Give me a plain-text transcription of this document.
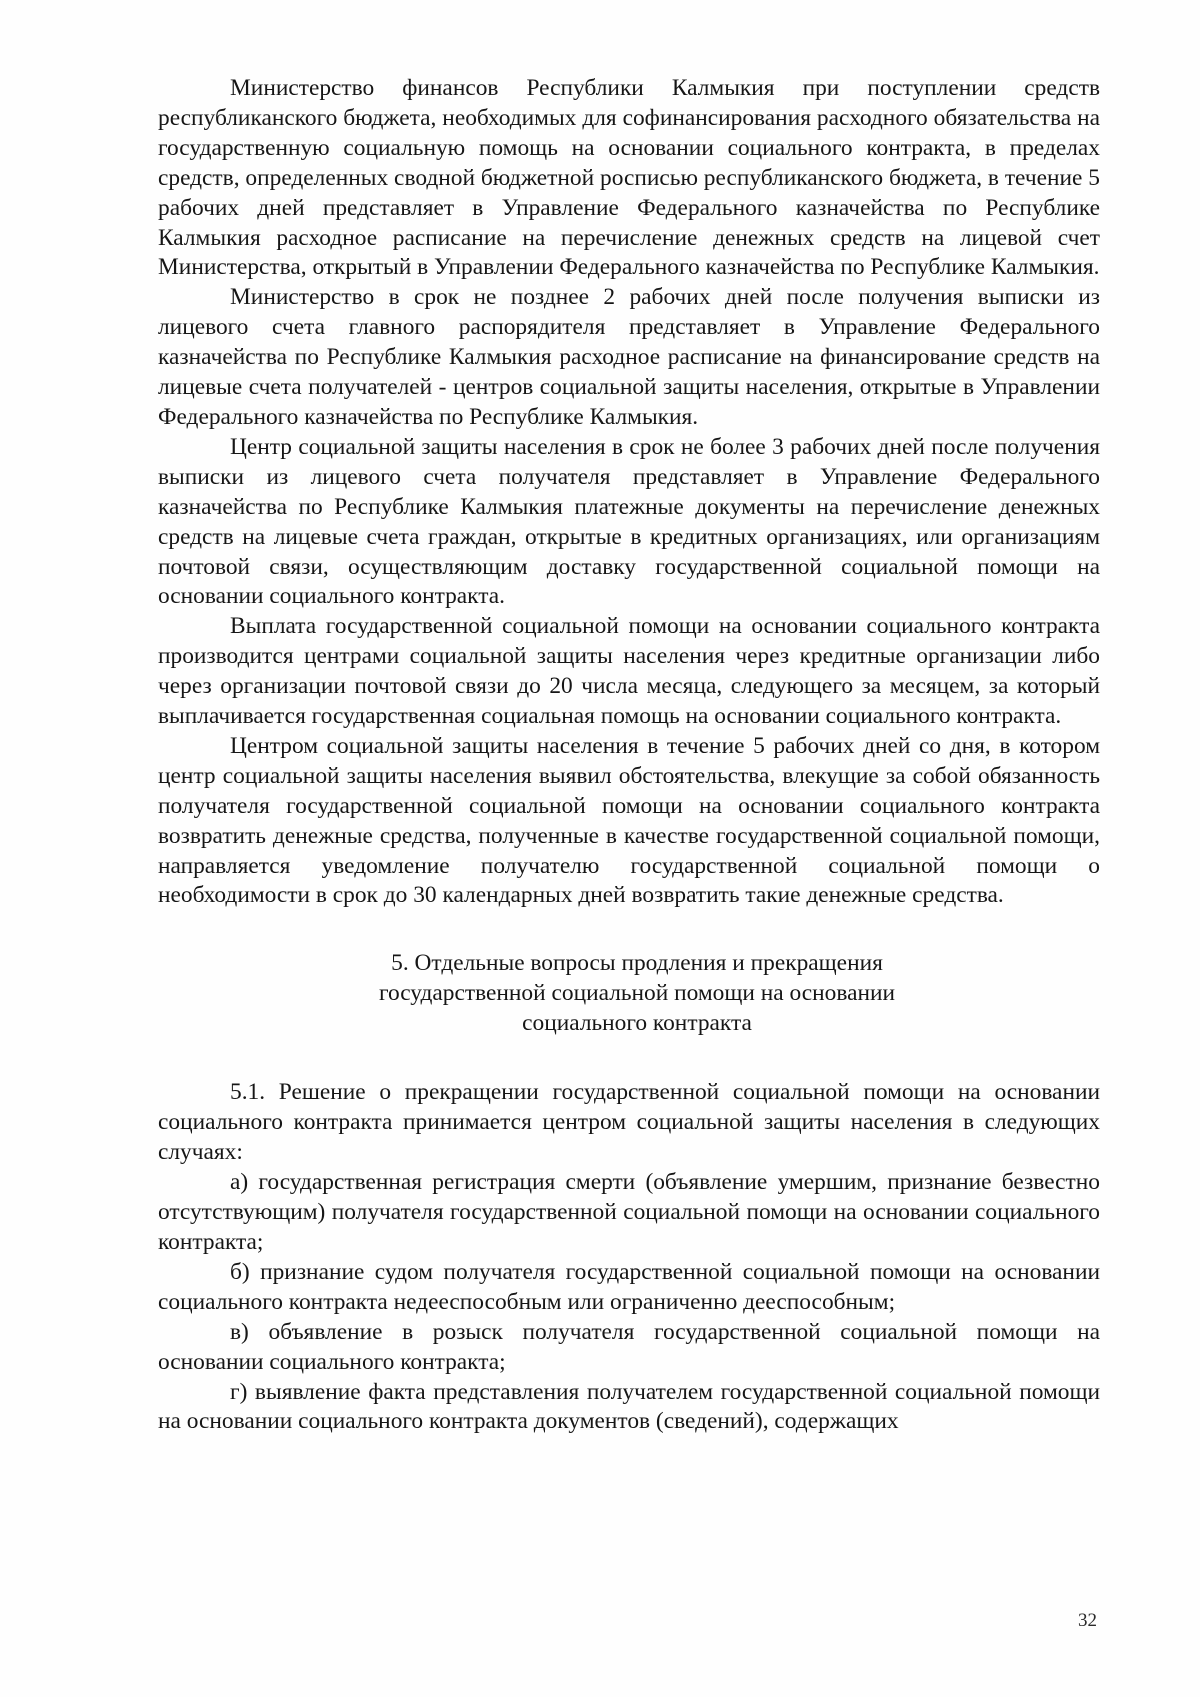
Министерство финансов Республики Калмыкия при поступлении средств республиканского бюджета, необходимых для софинансирования расходного обязательства на государственную социальную помощь на основании социального контракта, в пределах средств, определенных сводной бюджетной росписью республиканского бюджета, в течение 5 рабочих дней представляет в Управление Федерального казначейства по Республике Калмыкия расходное расписание на перечисление денежных средств на лицевой счет Министерства, открытый в Управлении Федерального казначейства по Республике Калмыкия.

Министерство в срок не позднее 2 рабочих дней после получения выписки из лицевого счета главного распорядителя представляет в Управление Федерального казначейства по Республике Калмыкия расходное расписание на финансирование средств на лицевые счета получателей - центров социальной защиты населения, открытые в Управлении Федерального казначейства по Республике Калмыкия.

Центр социальной защиты населения в срок не более 3 рабочих дней после получения выписки из лицевого счета получателя представляет в Управление Федерального казначейства по Республике Калмыкия платежные документы на перечисление денежных средств на лицевые счета граждан, открытые в кредитных организациях, или организациям почтовой связи, осуществляющим доставку государственной социальной помощи на основании социального контракта.

Выплата государственной социальной помощи на основании социального контракта производится центрами социальной защиты населения через кредитные организации либо через организации почтовой связи до 20 числа месяца, следующего за месяцем, за который выплачивается государственная социальная помощь на основании социального контракта.

Центром социальной защиты населения в течение 5 рабочих дней со дня, в котором центр социальной защиты населения выявил обстоятельства, влекущие за собой обязанность получателя государственной социальной помощи на основании социального контракта возвратить денежные средства, полученные в качестве государственной социальной помощи, направляется уведомление получателю государственной социальной помощи о необходимости в срок до 30 календарных дней возвратить такие денежные средства.

5. Отдельные вопросы продления и прекращения
государственной социальной помощи на основании
социального контракта

5.1. Решение о прекращении государственной социальной помощи на основании социального контракта принимается центром социальной защиты населения в следующих случаях:

а) государственная регистрация смерти (объявление умершим, признание безвестно отсутствующим) получателя государственной социальной помощи на основании социального контракта;

б) признание судом получателя государственной социальной помощи на основании социального контракта недееспособным или ограниченно дееспособным;

в) объявление в розыск получателя государственной социальной помощи на основании социального контракта;

г) выявление факта представления получателем государственной социальной помощи на основании социального контракта документов (сведений), содержащих

32
